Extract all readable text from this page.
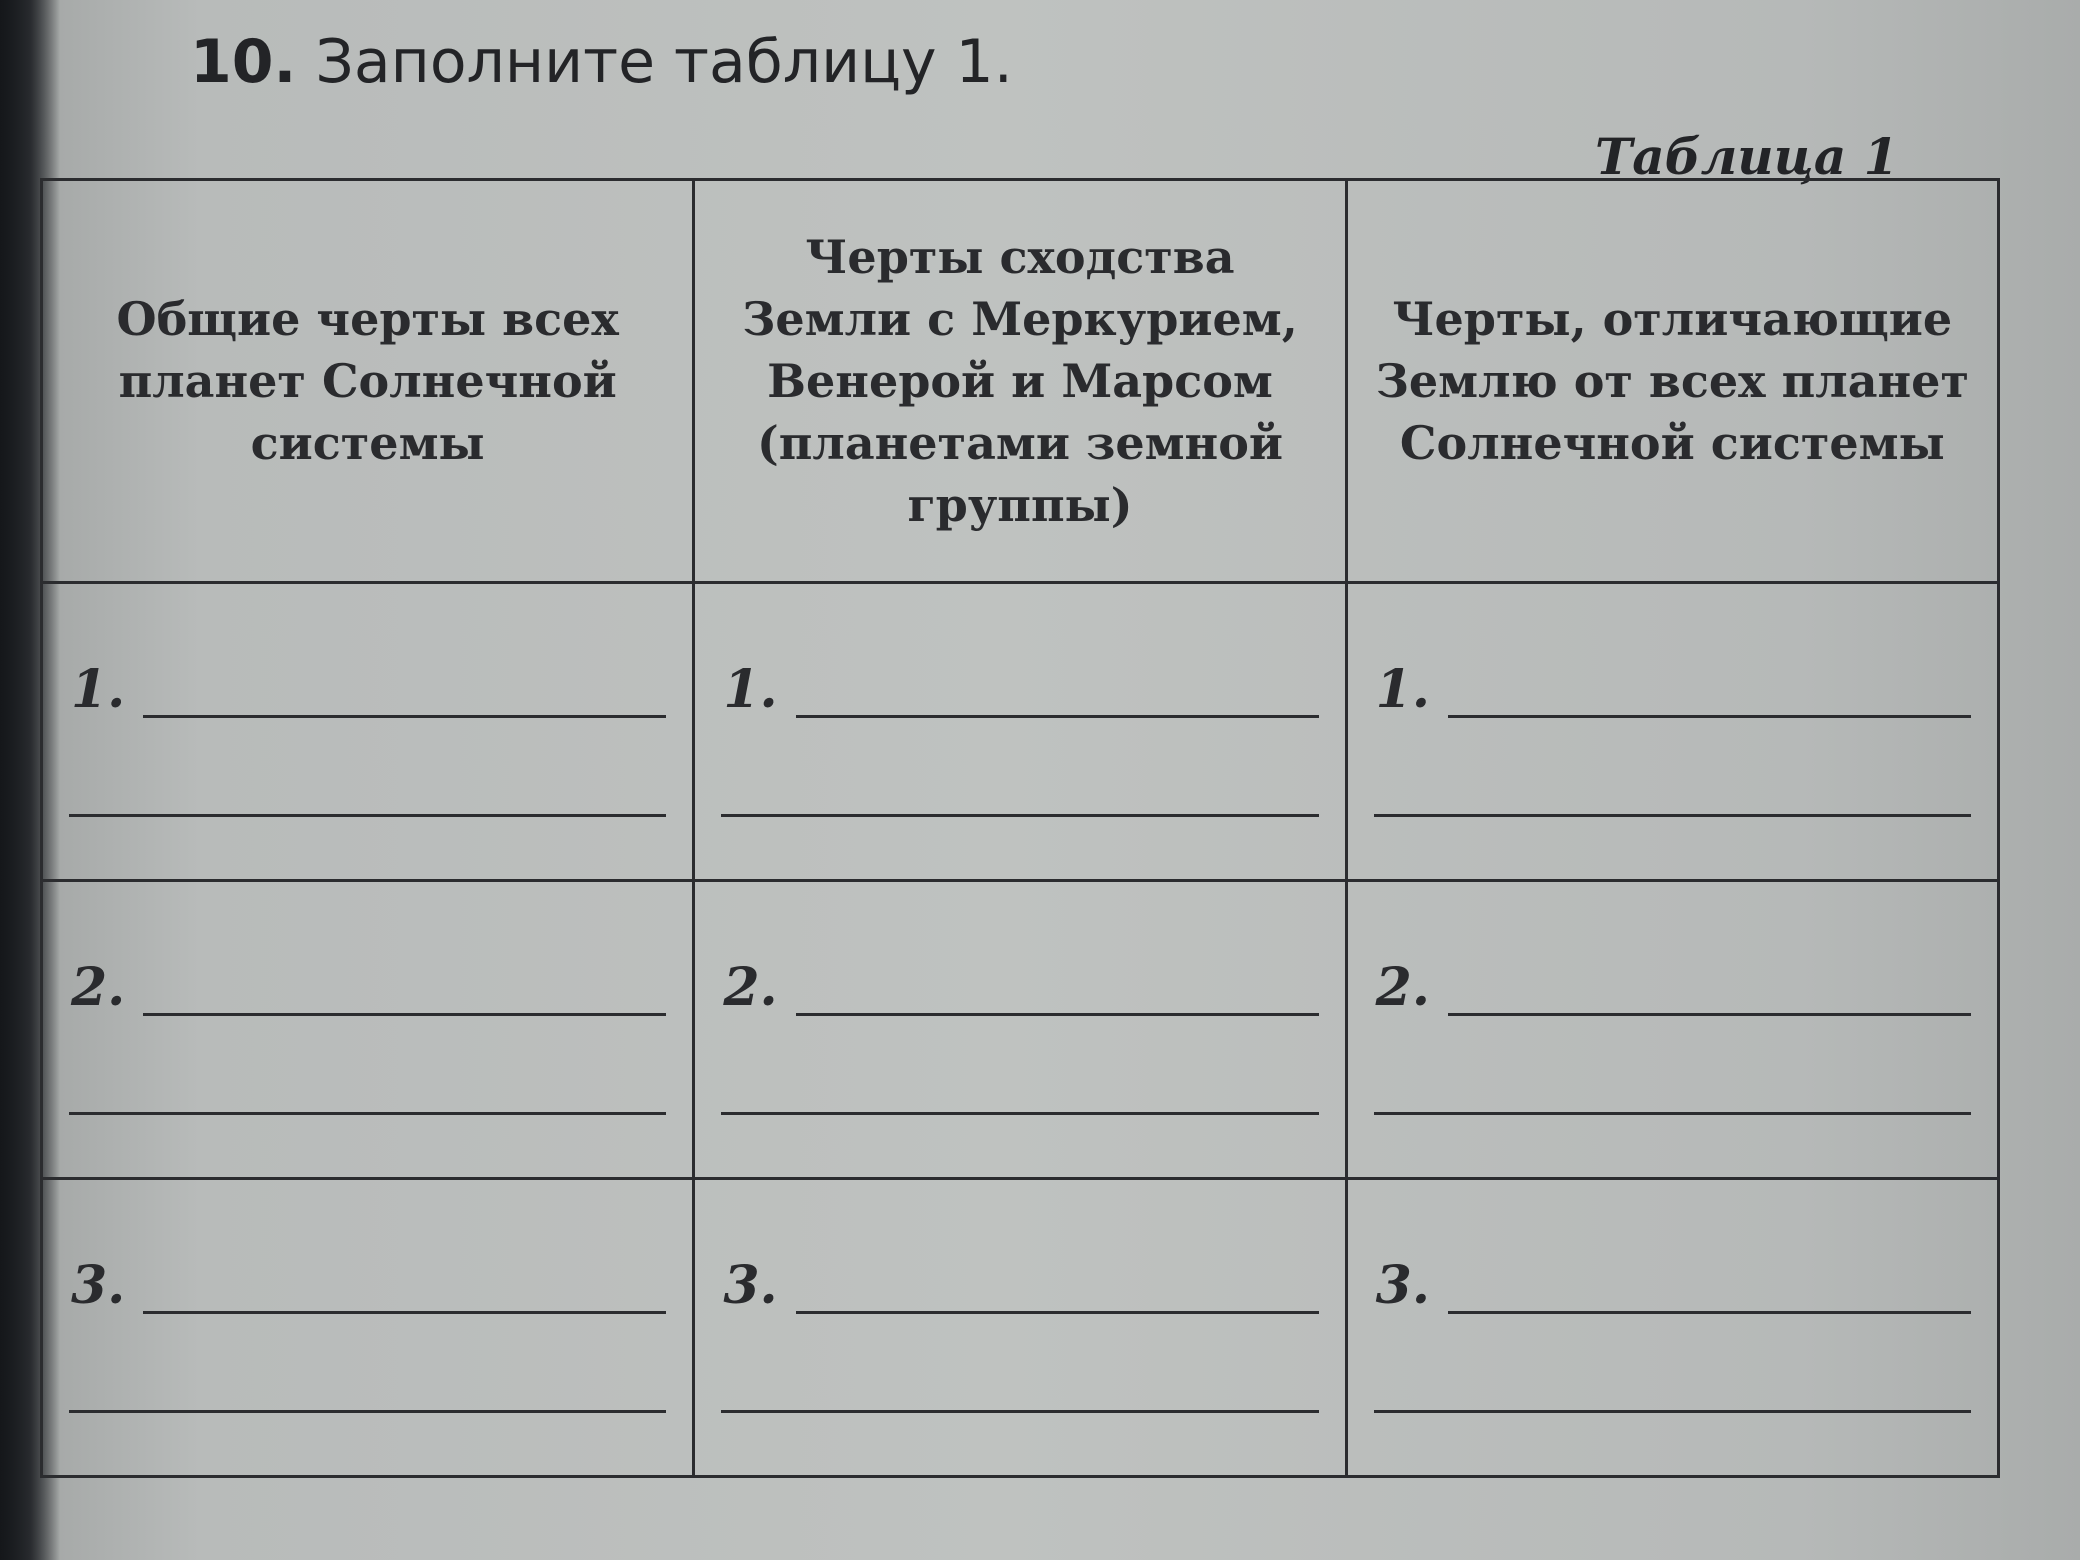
10. Заполните таблицу 1.
Таблица 1
Общие черты всех планет Солнечной системы	Черты сходства Земли с Меркурием, Венерой и Марсом (планетами земной группы)	Черты, отличающие Землю от всех планет Солнечной системы

1.	1.	1.

2.	2.	2.

3.	3.	3.
